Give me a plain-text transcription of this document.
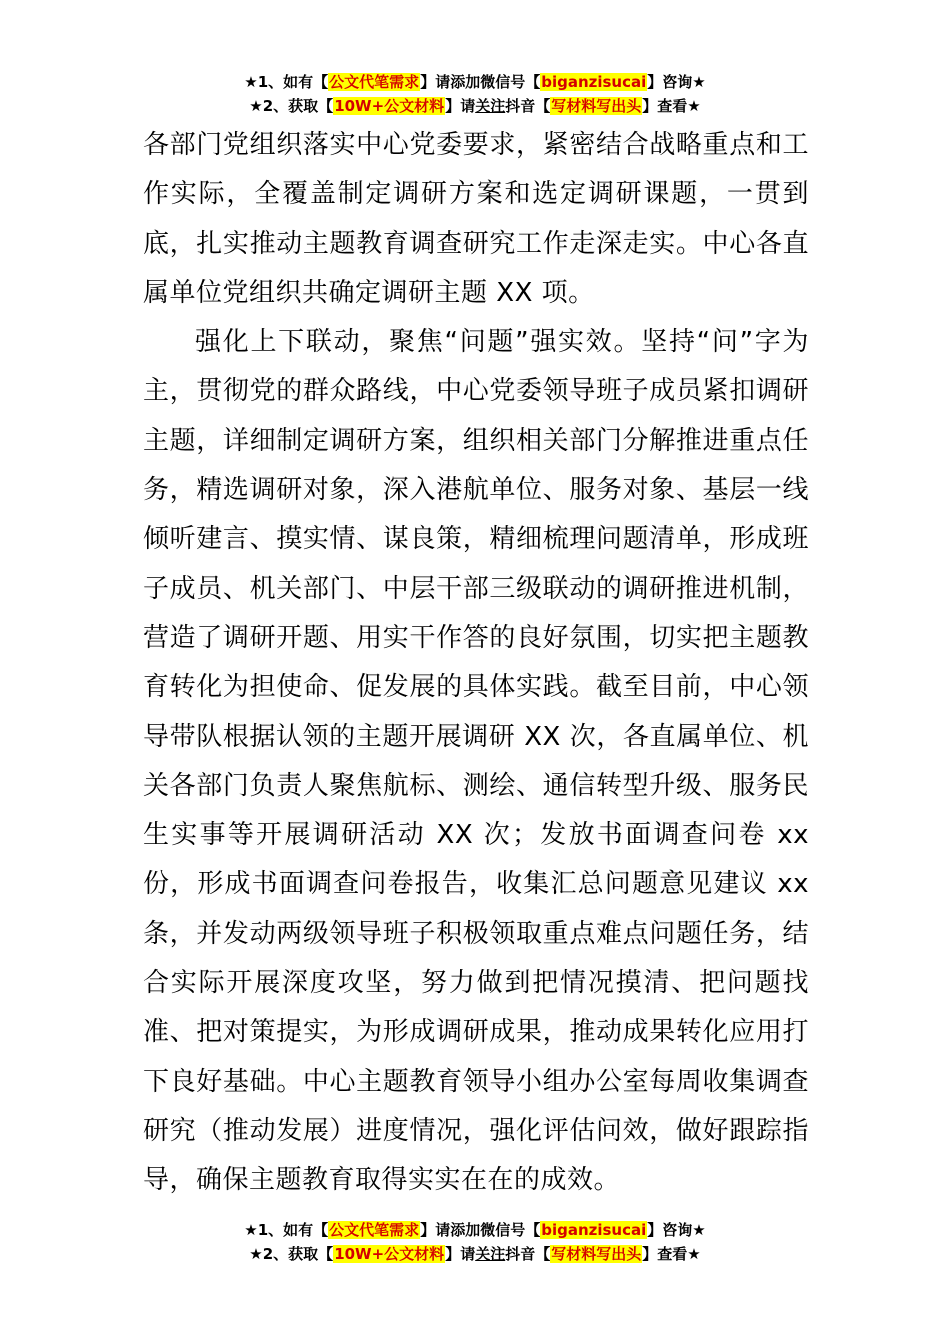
★1、如有【公文代笔需求】请添加微信号【biganzisucai】咨询★
★2、获取【10W+公文材料】请关注抖音【写材料写出头】查看★

各部门党组织落实中心党委要求，紧密结合战略重点和工作实际，全覆盖制定调研方案和选定调研课题，一贯到底，扎实推动主题教育调查研究工作走深走实。中心各直属单位党组织共确定调研主题 XX 项。

强化上下联动，聚焦“问题”强实效。坚持“问”字为主，贯彻党的群众路线，中心党委领导班子成员紧扣调研主题，详细制定调研方案，组织相关部门分解推进重点任务，精选调研对象，深入港航单位、服务对象、基层一线倾听建言、摸实情、谋良策，精细梳理问题清单，形成班子成员、机关部门、中层干部三级联动的调研推进机制，营造了调研开题、用实干作答的良好氛围，切实把主题教育转化为担使命、促发展的具体实践。截至目前，中心领导带队根据认领的主题开展调研 XX 次，各直属单位、机关各部门负责人聚焦航标、测绘、通信转型升级、服务民生实事等开展调研活动 XX 次；发放书面调查问卷 xx 份，形成书面调查问卷报告，收集汇总问题意见建议 xx 条，并发动两级领导班子积极领取重点难点问题任务，结合实际开展深度攻坚，努力做到把情况摸清、把问题找准、把对策提实，为形成调研成果，推动成果转化应用打下良好基础。中心主题教育领导小组办公室每周收集调查研究（推动发展）进度情况，强化评估问效，做好跟踪指导，确保主题教育取得实实在在的成效。

★1、如有【公文代笔需求】请添加微信号【biganzisucai】咨询★
★2、获取【10W+公文材料】请关注抖音【写材料写出头】查看★
